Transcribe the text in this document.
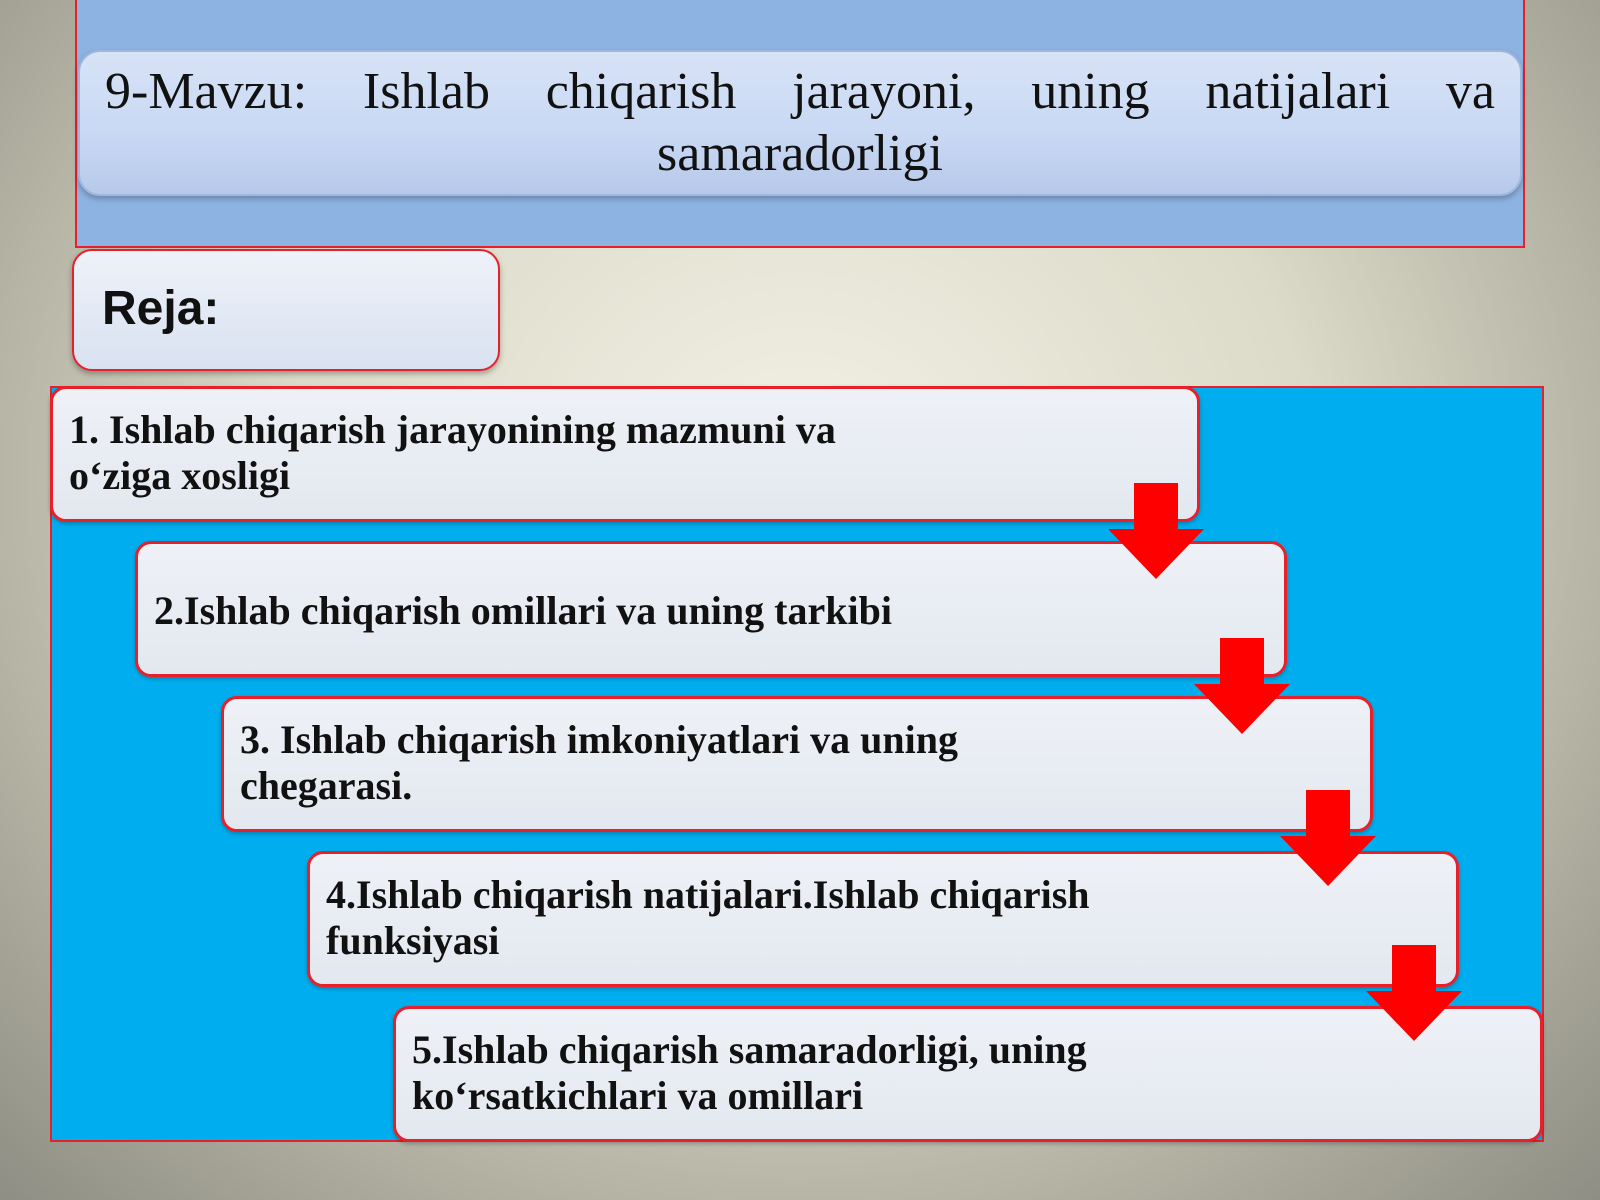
9-Mavzu: Ishlab chiqarish jarayoni, uning natijalari va samaradorligi
Reja:
1. Ishlab chiqarish jarayonining mazmuni va o‘ziga xosligi
2.Ishlab chiqarish omillari va uning tarkibi
3. Ishlab chiqarish imkoniyatlari va uning chegarasi.
4.Ishlab chiqarish natijalari.Ishlab chiqarish funksiyasi
5.Ishlab chiqarish samaradorligi, uning ko‘rsatkichlari va omillari
